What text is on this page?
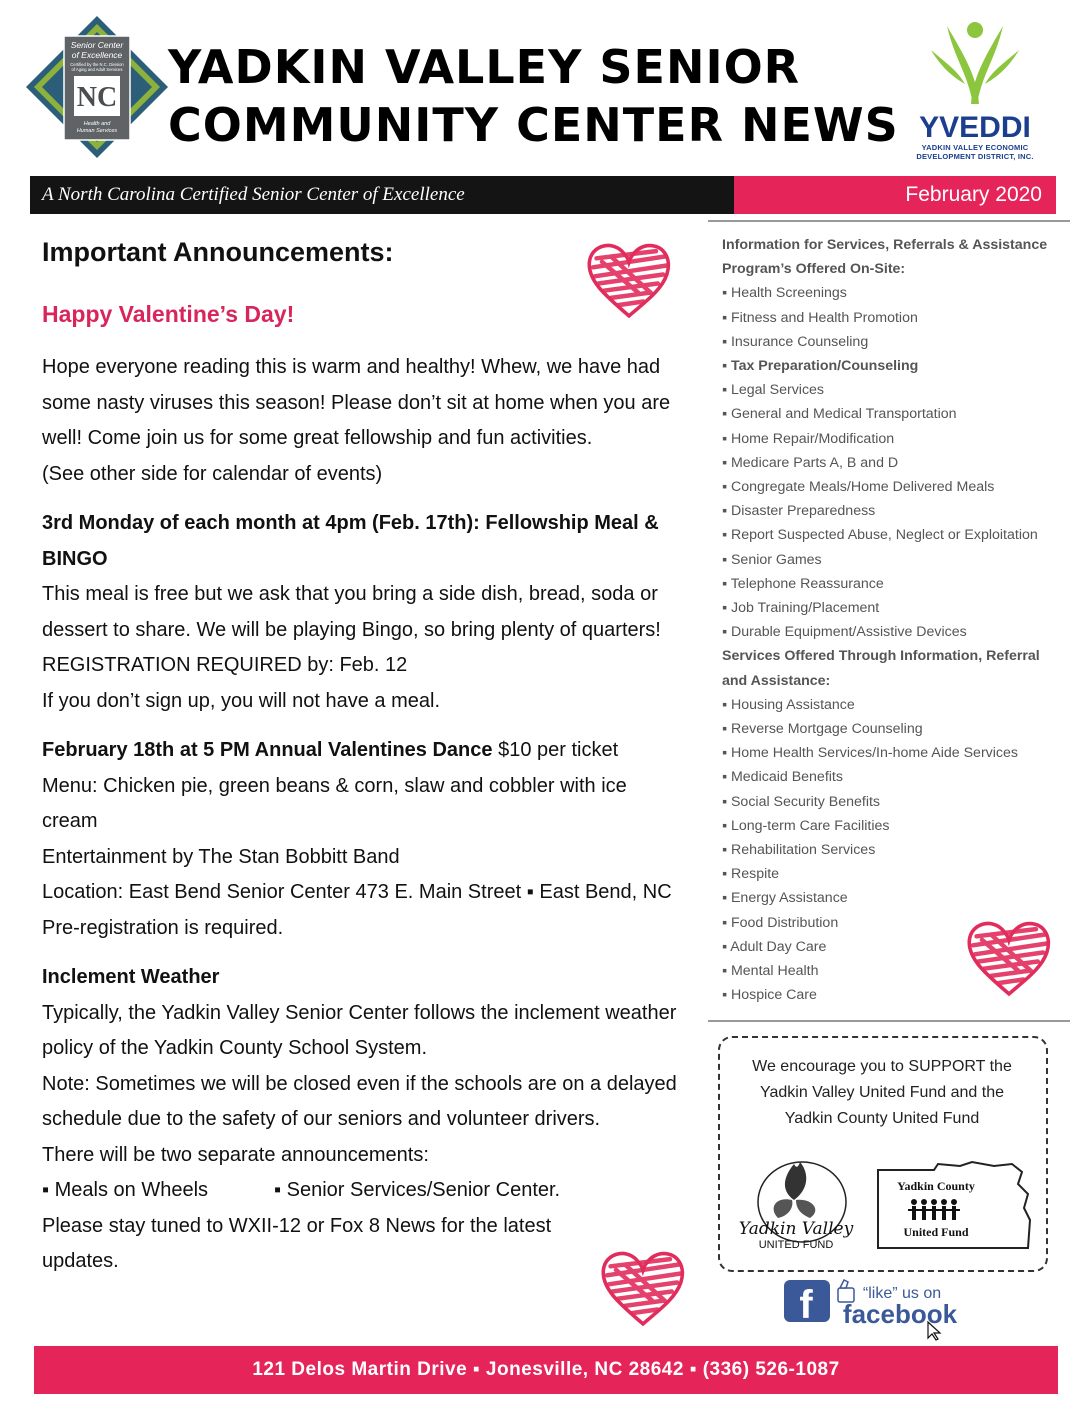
Senior Center
of Excellence
Certified by the N.C. Division
of Aging and Adult Services
NC
Health and
Human Services
YADKIN VALLEY SENIOR
COMMUNITY CENTER NEWS YVEDDI
YADKIN VALLEY ECONOMIC
DEVELOPMENT DISTRICT, INC.
A North Carolina Certified Senior Center of Excellence	February 2020

Important Announcements:

Happy Valentine’s Day!

Hope everyone reading this is warm and healthy! Whew, we have had

some nasty viruses this season! Please don’t sit at home when you are

well! Come join us for some great fellowship and fun activities.

(See other side for calendar of events)

3rd Monday of each month at 4pm (Feb. 17th): Fellowship Meal &

BINGO

This meal is free but we ask that you bring a side dish, bread, soda or

dessert to share. We will be playing Bingo, so bring plenty of quarters!

REGISTRATION REQUIRED by: Feb. 12

If you don’t sign up, you will not have a meal.

February 18th at 5 PM Annual Valentines Dance $10 per ticket

Menu: Chicken pie, green beans & corn, slaw and cobbler with ice

cream

Entertainment by The Stan Bobbitt Band

Location: East Bend Senior Center 473 E. Main Street ▪ East Bend, NC

Pre-registration is required.

Inclement Weather

Typically, the Yadkin Valley Senior Center follows the inclement weather

policy of the Yadkin County School System.

Note: Sometimes we will be closed even if the schools are on a delayed

schedule due to the safety of our seniors and volunteer drivers.

There will be two separate announcements:

▪ Meals on Wheels	▪ Senior Services/Senior Center.

Please stay tuned to WXII-12 or Fox 8 News for the latest

updates.

Information for Services, Referrals & Assistance
Program’s Offered On-Site:
▪ Health Screenings
▪ Fitness and Health Promotion
▪ Insurance Counseling
▪ Tax Preparation/Counseling
▪ Legal Services
▪ General and Medical Transportation
▪ Home Repair/Modification
▪ Medicare Parts A, B and D
▪ Congregate Meals/Home Delivered Meals
▪ Disaster Preparedness
▪ Report Suspected Abuse, Neglect or Exploitation
▪ Senior Games
▪ Telephone Reassurance
▪ Job Training/Placement
▪ Durable Equipment/Assistive Devices
Services Offered Through Information, Referral
and Assistance:
▪ Housing Assistance
▪ Reverse Mortgage Counseling
▪ Home Health Services/In-home Aide Services
▪ Medicaid Benefits
▪ Social Security Benefits
▪ Long-term Care Facilities
▪ Rehabilitation Services
▪ Respite
▪ Energy Assistance
▪ Food Distribution
▪ Adult Day Care
▪ Mental Health
▪ Hospice Care
We encourage you to SUPPORT the
Yadkin Valley United Fund and the
Yadkin County United Fund
Yadkin Valley
UNITED FUND
Yadkin County
United Fund
f	“like” us on
facebook
121 Delos Martin Drive ▪ Jonesville, NC 28642 ▪ (336) 526-1087
